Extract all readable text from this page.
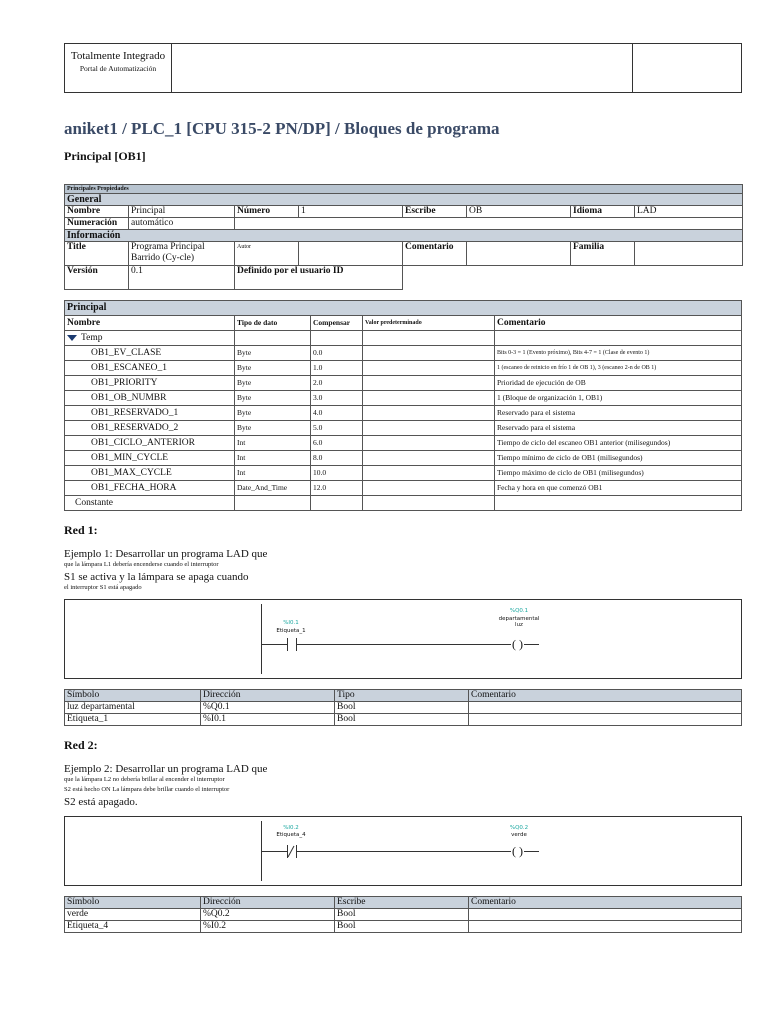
Totalmente Integrado
Portal de Automatización
aniket1 / PLC_1 [CPU 315-2 PN/DP] / Bloques de programa
Principal [OB1]
Principales Propiedades							
General							
Nombre	Principal	Número	1	Escribe	OB	Idioma	LAD
Numeración	automático						
Información							
Title	Programa Principal Barrido (Cy-cle)	Autor		Comentario		Familia	
Versión	0.1	Definido por el usuario ID					
Principal				
Nombre	Tipo de dato	Compensar	Valor predeterminado	Comentario
Temp				
OB1_EV_CLASE	Byte	0.0		Bits 0-3 = 1 (Evento próximo), Bits 4-7 = 1 (Clase de evento 1)
OB1_ESCANEO_1	Byte	1.0		1 (escaneo de reinicio en frío 1 de OB 1), 3 (escaneo 2-n de OB 1)
OB1_PRIORITY	Byte	2.0		Prioridad de ejecución de OB
OB1_OB_NUMBR	Byte	3.0		1 (Bloque de organización 1, OB1)
OB1_RESERVADO_1	Byte	4.0		Reservado para el sistema
OB1_RESERVADO_2	Byte	5.0		Reservado para el sistema
OB1_CICLO_ANTERIOR	Int	6.0		Tiempo de ciclo del escaneo OB1 anterior (milisegundos)
OB1_MIN_CYCLE	Int	8.0		Tiempo mínimo de ciclo de OB1 (milisegundos)
OB1_MAX_CYCLE	Int	10.0		Tiempo máximo de ciclo de OB1 (milisegundos)
OB1_FECHA_HORA	Date_And_Time	12.0		Fecha y hora en que comenzó OB1
Constante				
Red 1:
Ejemplo 1: Desarrollar un programa LAD que
que la lámpara L1 debería encenderse cuando el interruptor
S1 se activa y la lámpara se apaga cuando
el interruptor S1 está apagado
%I0.1
Etiqueta_1
%Q0.1
departamental
luz
( )
Símbolo	Dirección	Tipo	Comentario
luz departamental	%Q0.1	Bool	
Etiqueta_1	%I0.1	Bool	
Red 2:
Ejemplo 2: Desarrollar un programa LAD que
que la lámpara L2 no debería brillar al encender el interruptor
S2 está hecho ON La lámpara debe brillar cuando el interruptor
S2 está apagado.
%I0.2
Etiqueta_4
%Q0.2
verde
( )
Símbolo	Dirección	Escribe	Comentario
verde	%Q0.2	Bool	
Etiqueta_4	%I0.2	Bool	
